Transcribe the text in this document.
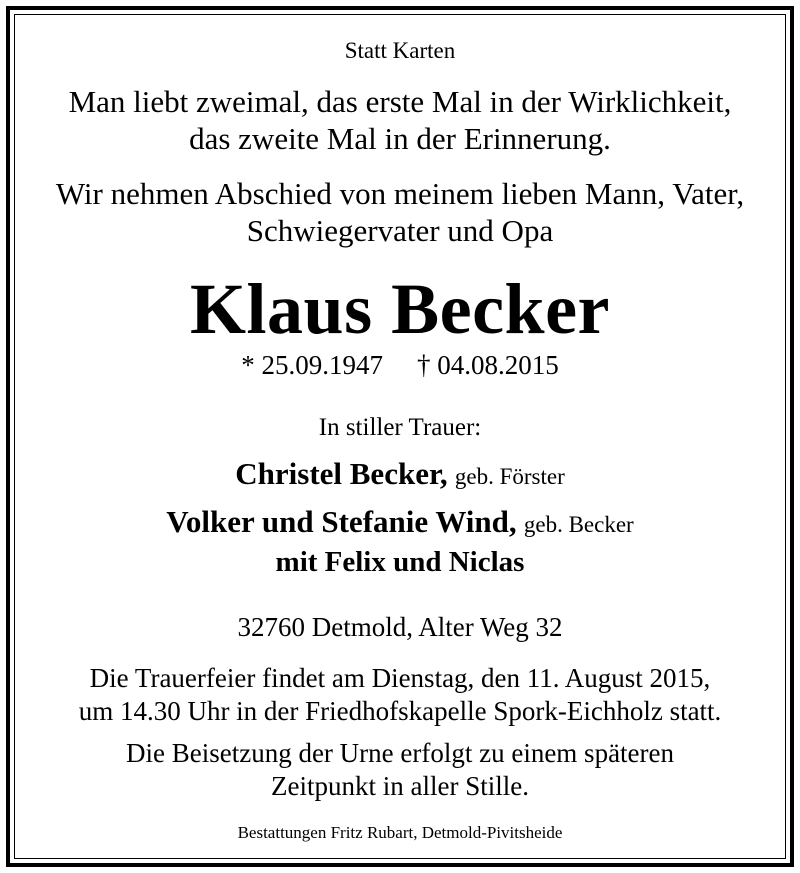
Statt Karten
Man liebt zweimal, das erste Mal in der Wirklichkeit,
das zweite Mal in der Erinnerung.
Wir nehmen Abschied von meinem lieben Mann, Vater,
Schwiegervater und Opa
Klaus Becker
* 25.09.1947 † 04.08.2015
In stiller Trauer:
Christel Becker, geb. Förster
Volker und Stefanie Wind, geb. Becker
mit Felix und Niclas
32760 Detmold, Alter Weg 32
Die Trauerfeier findet am Dienstag, den 11. August 2015,
um 14.30 Uhr in der Friedhofskapelle Spork-Eichholz statt.
Die Beisetzung der Urne erfolgt zu einem späteren
Zeitpunkt in aller Stille.
Bestattungen Fritz Rubart, Detmold-Pivitsheide
